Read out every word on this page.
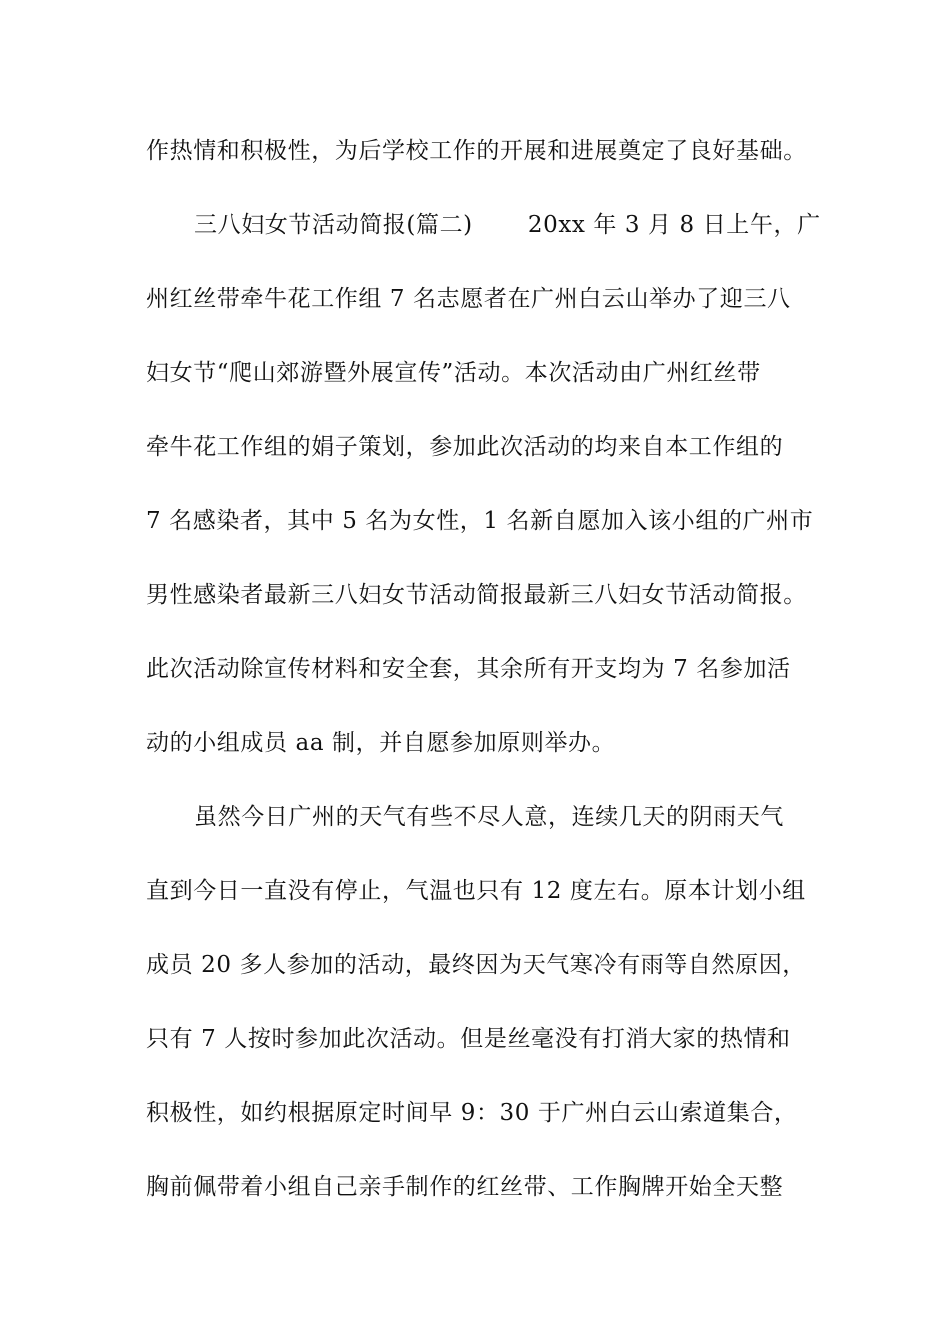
作热情和积极性，为后学校工作的开展和进展奠定了良好基础。
三八妇女节活动简报(篇二)　　 20xx 年 3 月 8 日上午，广
州红丝带牵牛花工作组 7 名志愿者在广州白云山举办了迎三八
妇女节“爬山郊游暨外展宣传”活动。本次活动由广州红丝带
牵牛花工作组的娟子策划，参加此次活动的均来自本工作组的
7 名感染者，其中 5 名为女性，1 名新自愿加入该小组的广州市
男性感染者最新三八妇女节活动简报最新三八妇女节活动简报。
此次活动除宣传材料和安全套，其余所有开支均为 7 名参加活
动的小组成员 aa 制，并自愿参加原则举办。
虽然今日广州的天气有些不尽人意，连续几天的阴雨天气
直到今日一直没有停止，气温也只有 12 度左右。原本计划小组
成员 20 多人参加的活动，最终因为天气寒冷有雨等自然原因，
只有 7 人按时参加此次活动。但是丝毫没有打消大家的热情和
积极性，如约根据原定时间早 9：30 于广州白云山索道集合，
胸前佩带着小组自己亲手制作的红丝带、工作胸牌开始全天整
